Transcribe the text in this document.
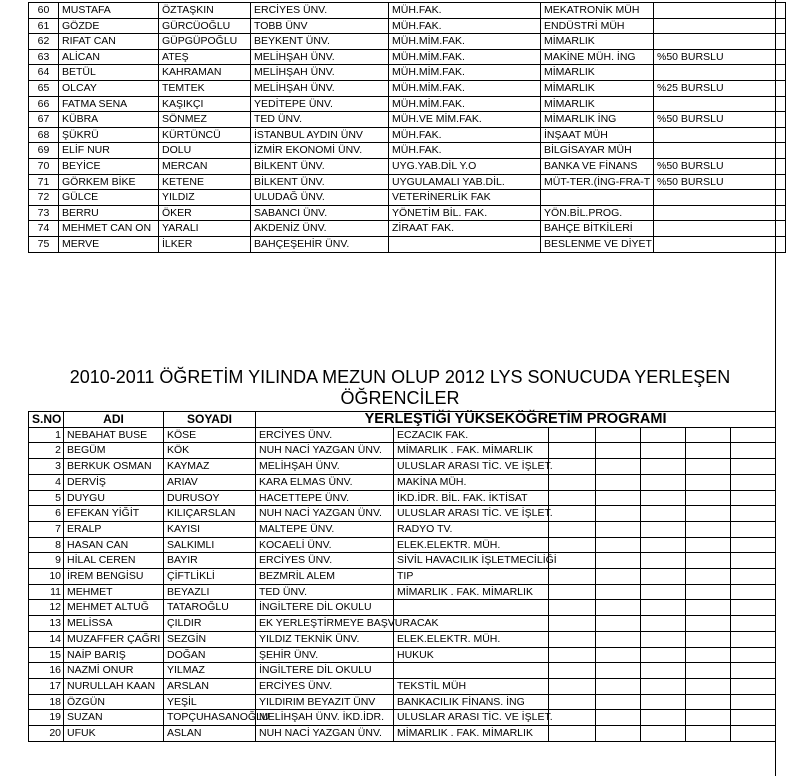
60	MUSTAFA	ÖZTAŞKIN	ERCİYES ÜNV.	MÜH.FAK.	MEKATRONİK MÜH	
61	GÖZDE	GÜRCÜOĞLU	TOBB ÜNV	MÜH.FAK.	ENDÜSTRİ MÜH	
62	RIFAT CAN	GÜPGÜPOĞLU	BEYKENT ÜNV.	MÜH.MİM.FAK.	MİMARLIK	
63	ALİCAN	ATEŞ	MELİHŞAH ÜNV.	MÜH.MİM.FAK.	MAKİNE MÜH. İNG	%50 BURSLU
64	BETÜL	KAHRAMAN	MELİHŞAH ÜNV.	MÜH.MİM.FAK.	MİMARLIK	
65	OLCAY	TEMTEK	MELİHŞAH ÜNV.	MÜH.MİM.FAK.	MİMARLIK	%25 BURSLU
66	FATMA SENA	KAŞIKÇI	YEDİTEPE ÜNV.	MÜH.MİM.FAK.	MİMARLIK	
67	KÜBRA	SÖNMEZ	TED ÜNV.	MÜH.VE MİM.FAK.	MİMARLIK İNG	%50 BURSLU
68	ŞÜKRÜ	KÜRTÜNCÜ	İSTANBUL AYDIN ÜNV	MÜH.FAK.	İNŞAAT MÜH	
69	ELİF NUR	DOLU	İZMİR EKONOMİ ÜNV.	MÜH.FAK.	BİLGİSAYAR MÜH	
70	BEYİCE	MERCAN	BİLKENT ÜNV.	UYG.YAB.DİL Y.O	BANKA VE FİNANS	%50 BURSLU
71	GÖRKEM BİKE	KETENE	BİLKENT ÜNV.	UYGULAMALI YAB.DİL.	MÜT-TER.(İNG-FRA-T	%50 BURSLU
72	GÜLCE	YILDIZ	ULUDAĞ ÜNV.	VETERİNERLİK FAK		
73	BERRU	ÖKER	SABANCI ÜNV.	YÖNETİM BİL. FAK.	YÖN.BİL.PROG.	
74	MEHMET CAN ON	YARALI	AKDENİZ ÜNV.	ZİRAAT FAK.	BAHÇE BİTKİLERİ	
75	MERVE	İLKER	BAHÇEŞEHİR ÜNV.		BESLENME VE DİYET	
2010-2011 ÖĞRETİM YILINDA MEZUN OLUP 2012 LYS SONUCUDA YERLEŞEN
ÖĞRENCİLER
S.NO	ADI	SOYADI	YERLEŞTİĞİ YÜKSEKÖĞRETİM PROGRAMI						
1	NEBAHAT BUSE	KÖSE	ERCİYES ÜNV.	ECZACIK FAK.					
2	BEGÜM	KÖK	NUH NACİ YAZGAN ÜNV.	MİMARLIK . FAK. MİMARLIK					
3	BERKUK OSMAN	KAYMAZ	MELİHŞAH ÜNV.	ULUSLAR ARASI TİC. VE İŞLET.					
4	DERVİŞ	ARIAV	KARA ELMAS ÜNV.	MAKİNA MÜH.					
5	DUYGU	DURUSOY	HACETTEPE ÜNV.	İKD.İDR. BİL. FAK. İKTİSAT					
6	EFEKAN YİĞİT	KILIÇARSLAN	NUH NACİ YAZGAN ÜNV.	ULUSLAR ARASI TİC. VE İŞLET.					
7	ERALP	KAYISI	MALTEPE ÜNV.	RADYO TV.					
8	HASAN CAN	SALKIMLI	KOCAELİ ÜNV.	ELEK.ELEKTR. MÜH.					
9	HİLAL CEREN	BAYIR	ERCİYES ÜNV.	SİVİL HAVACILIK İŞLETMECİLİĞİ					
10	İREM BENGİSU	ÇİFTLİKLİ	BEZMRİL ALEM	TIP					
11	MEHMET	BEYAZLI	TED ÜNV.	MİMARLIK . FAK. MİMARLIK					
12	MEHMET ALTUĞ	TATAROĞLU	İNGİLTERE DİL OKULU						
13	MELİSSA	ÇILDIR	EK YERLEŞTİRMEYE BAŞVURACAK						
14	MUZAFFER ÇAĞRI	SEZGİN	YILDIZ TEKNİK ÜNV.	ELEK.ELEKTR. MÜH.					
15	NAİP BARIŞ	DOĞAN	ŞEHİR ÜNV.	HUKUK					
16	NAZMİ ONUR	YILMAZ	İNGİLTERE DİL OKULU						
17	NURULLAH KAAN	ARSLAN	ERCİYES ÜNV.	TEKSTİL MÜH					
18	ÖZGÜN	YEŞİL	YILDIRIM BEYAZIT ÜNV	BANKACILIK FİNANS. İNG					
19	SUZAN	TOPÇUHASANOĞLU	MELİHŞAH ÜNV. İKD.İDR.	ULUSLAR ARASI TİC. VE İŞLET.					
20	UFUK	ASLAN	NUH NACİ YAZGAN ÜNV.	MİMARLIK . FAK. MİMARLIK					
